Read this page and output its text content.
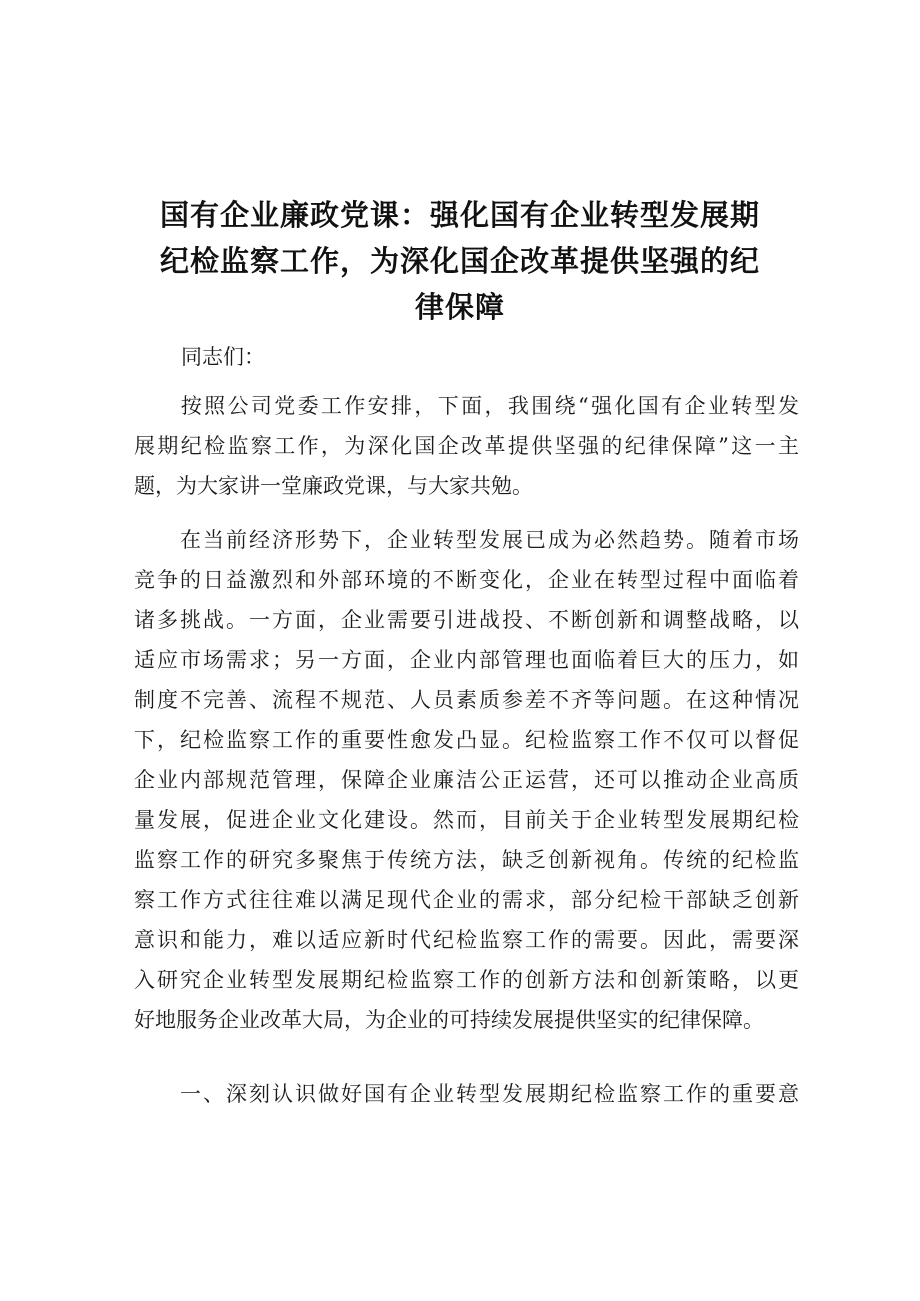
国有企业廉政党课：强化国有企业转型发展期
纪检监察工作，为深化国企改革提供坚强的纪
律保障
同志们：
　　按照公司党委工作安排，下面，我围绕“强化国有企业转型发
展期纪检监察工作，为深化国企改革提供坚强的纪律保障”这一主
题，为大家讲一堂廉政党课，与大家共勉。
　　在当前经济形势下，企业转型发展已成为必然趋势。随着市场
竞争的日益激烈和外部环境的不断变化，企业在转型过程中面临着
诸多挑战。一方面，企业需要引进战投、不断创新和调整战略，以
适应市场需求；另一方面，企业内部管理也面临着巨大的压力，如
制度不完善、流程不规范、人员素质参差不齐等问题。在这种情况
下，纪检监察工作的重要性愈发凸显。纪检监察工作不仅可以督促
企业内部规范管理，保障企业廉洁公正运营，还可以推动企业高质
量发展，促进企业文化建设。然而，目前关于企业转型发展期纪检
监察工作的研究多聚焦于传统方法，缺乏创新视角。传统的纪检监
察工作方式往往难以满足现代企业的需求，部分纪检干部缺乏创新
意识和能力，难以适应新时代纪检监察工作的需要。因此，需要深
入研究企业转型发展期纪检监察工作的创新方法和创新策略，以更
好地服务企业改革大局，为企业的可持续发展提供坚实的纪律保障。
　　一、深刻认识做好国有企业转型发展期纪检监察工作的重要意
